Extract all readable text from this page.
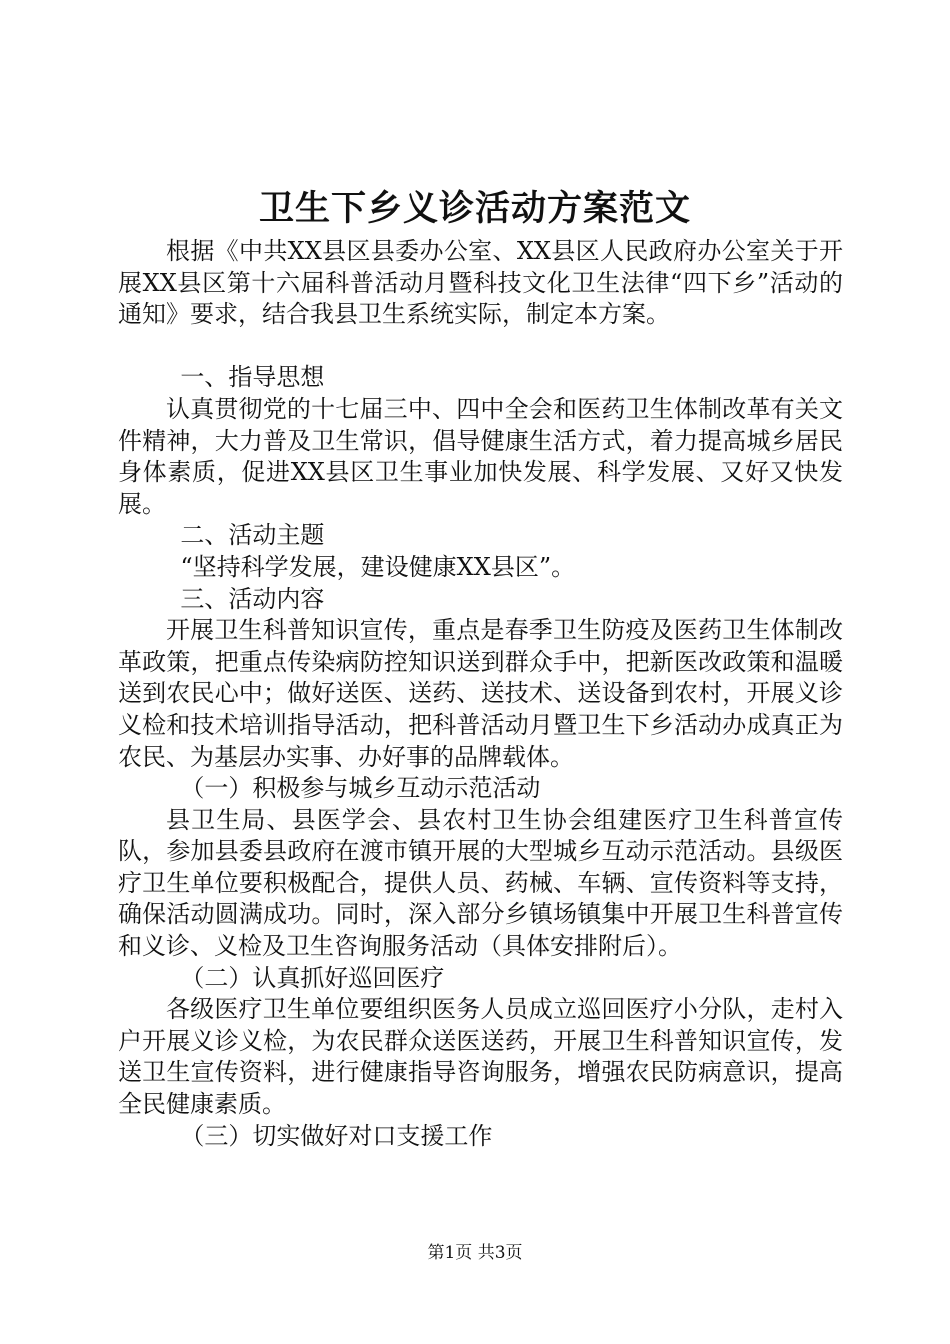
卫生下乡义诊活动方案范文

根据《中共XX县区县委办公室、XX县区人民政府办公室关于开展XX县区第十六届科普活动月暨科技文化卫生法律“四下乡”活动的通知》要求，结合我县卫生系统实际，制定本方案。

一、指导思想

认真贯彻党的十七届三中、四中全会和医药卫生体制改革有关文件精神，大力普及卫生常识，倡导健康生活方式，着力提高城乡居民身体素质，促进XX县区卫生事业加快发展、科学发展、又好又快发展。

二、活动主题

“坚持科学发展，建设健康XX县区”。

三、活动内容

开展卫生科普知识宣传，重点是春季卫生防疫及医药卫生体制改革政策，把重点传染病防控知识送到群众手中，把新医改政策和温暖送到农民心中；做好送医、送药、送技术、送设备到农村，开展义诊义检和技术培训指导活动，把科普活动月暨卫生下乡活动办成真正为农民、为基层办实事、办好事的品牌载体。

（一）积极参与城乡互动示范活动

县卫生局、县医学会、县农村卫生协会组建医疗卫生科普宣传队，参加县委县政府在渡市镇开展的大型城乡互动示范活动。县级医疗卫生单位要积极配合，提供人员、药械、车辆、宣传资料等支持，确保活动圆满成功。同时，深入部分乡镇场镇集中开展卫生科普宣传和义诊、义检及卫生咨询服务活动（具体安排附后）。

（二）认真抓好巡回医疗

各级医疗卫生单位要组织医务人员成立巡回医疗小分队，走村入户开展义诊义检，为农民群众送医送药，开展卫生科普知识宣传，发送卫生宣传资料，进行健康指导咨询服务，增强农民防病意识，提高全民健康素质。

（三）切实做好对口支援工作

第1页 共3页
